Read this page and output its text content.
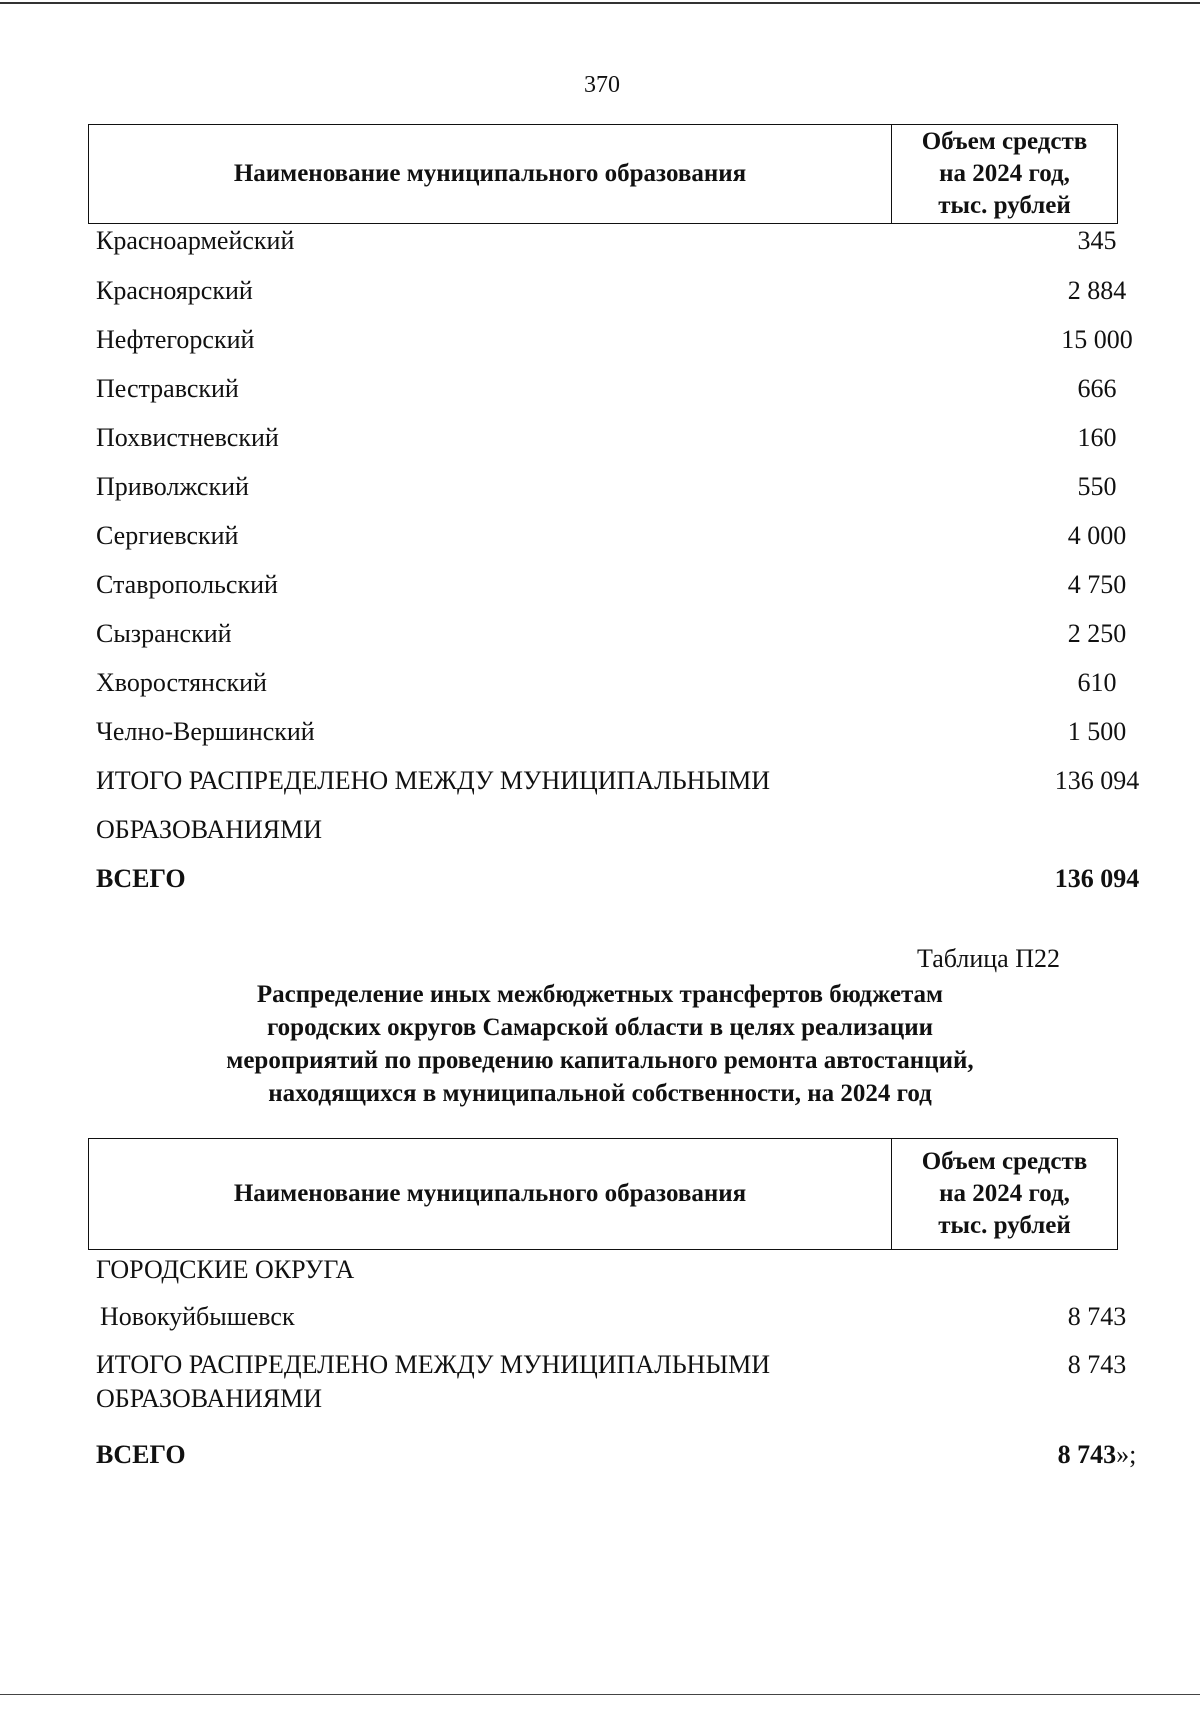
370
Наименование муниципального образования
Объем средств
на 2024 год,
тыс. рублей
Красноармейский	345
Красноярский	2 884
Нефтегорский	15 000
Пестравский	666
Похвистневский	160
Приволжский	550
Сергиевский	4 000
Ставропольский	4 750
Сызранский	2 250
Хворостянский	610
Челно-Вершинский	1 500
ИТОГО РАСПРЕДЕЛЕНО МЕЖДУ МУНИЦИПАЛЬНЫМИ	136 094
ОБРАЗОВАНИЯМИ
ВСЕГО	136 094
Таблица П22
Распределение иных межбюджетных трансфертов бюджетам
городских округов Самарской области в целях реализации
мероприятий по проведению капитального ремонта автостанций,
находящихся в муниципальной собственности, на 2024 год
Наименование муниципального образования
Объем средств
на 2024 год,
тыс. рублей
ГОРОДСКИЕ ОКРУГА
Новокуйбышевск	8 743
ИТОГО РАСПРЕДЕЛЕНО МЕЖДУ МУНИЦИПАЛЬНЫМИ	8 743
ОБРАЗОВАНИЯМИ
ВСЕГО	8 743»;
